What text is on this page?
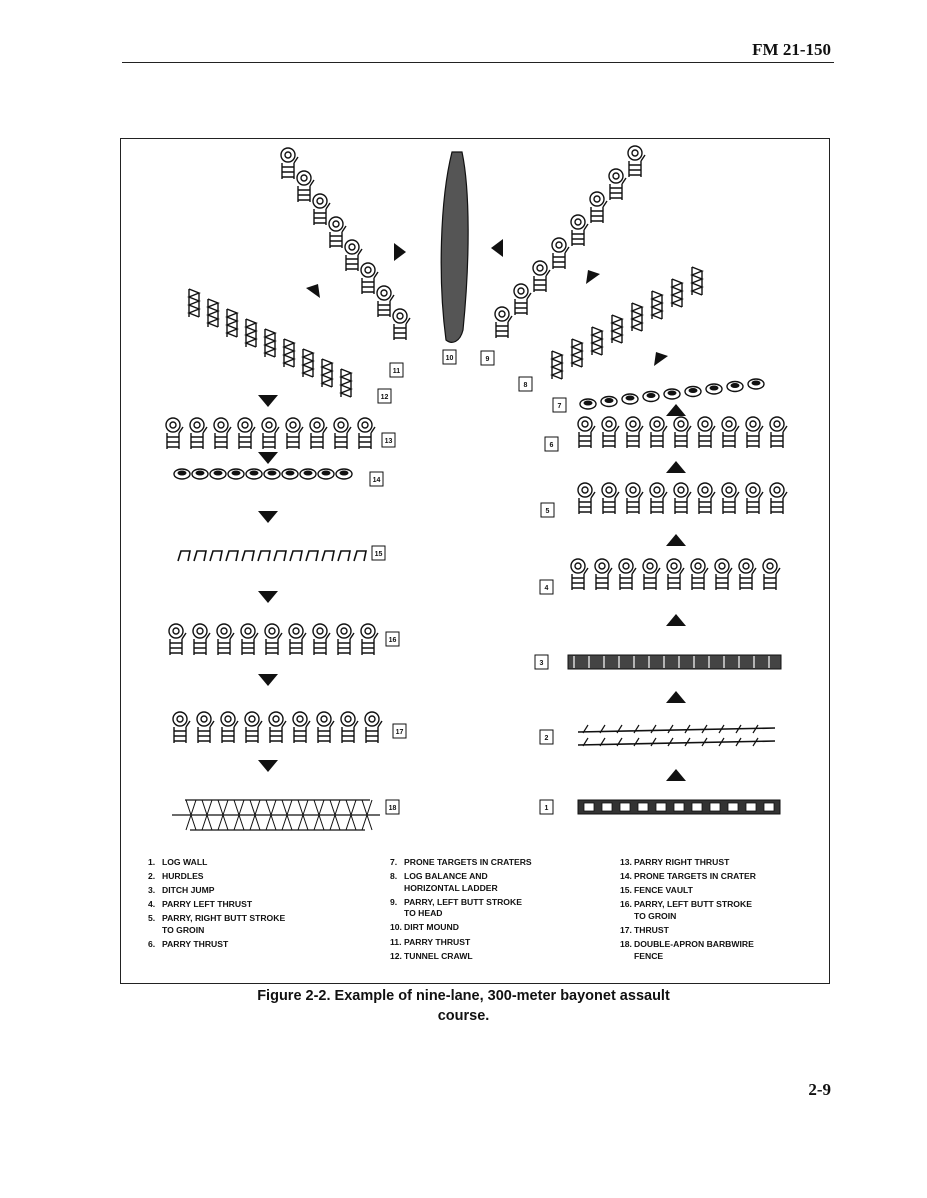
FM 21-150
1
2
3
4
5
6
7
8
9
10
11
12
13
14
15
16
17
18
1. LOG WALL
2. HURDLES
3. DITCH JUMP
4. PARRY LEFT THRUST
5. PARRY, RIGHT BUTT STROKE
TO GROIN
6. PARRY THRUST
7. PRONE TARGETS IN CRATERS
8. LOG BALANCE AND
HORIZONTAL LADDER
9. PARRY, LEFT BUTT STROKE
TO HEAD
10. DIRT MOUND
11. PARRY THRUST
12. TUNNEL CRAWL
13. PARRY RIGHT THRUST
14. PRONE TARGETS IN CRATER
15. FENCE VAULT
16. PARRY, LEFT BUTT STROKE
TO GROIN
17. THRUST
18. DOUBLE-APRON BARBWIRE
FENCE
Figure 2-2. Example of nine-lane, 300-meter bayonet assault course.
2-9
